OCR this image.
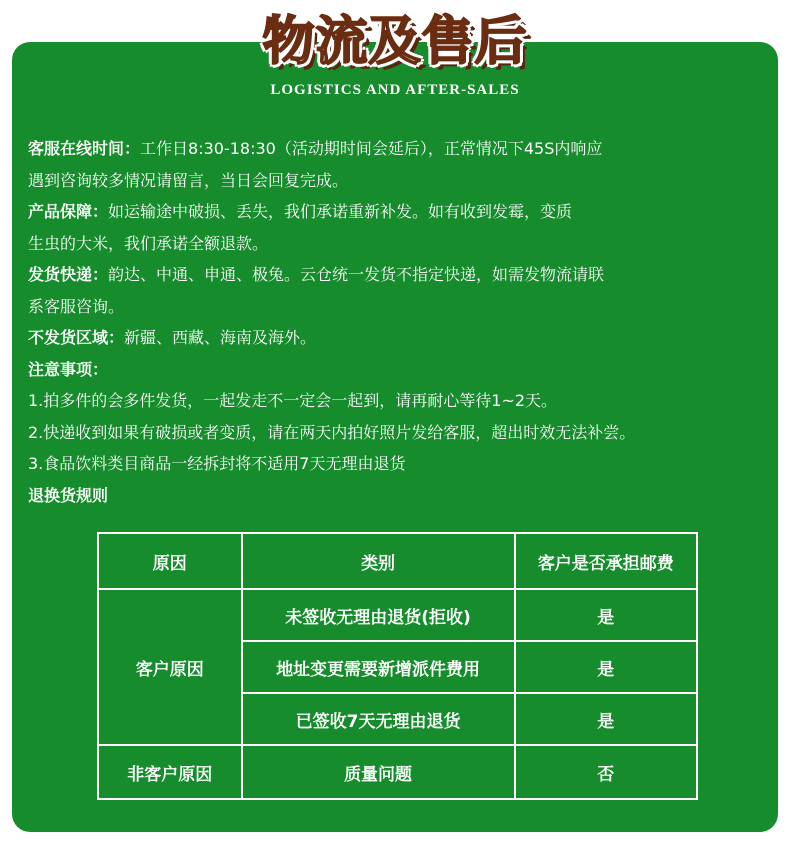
物流及售后
LOGISTICS AND AFTER-SALES

客服在线时间：工作日8:30-18:30（活动期时间会延后），正常情况下45S内响应

遇到咨询较多情况请留言，当日会回复完成。

产品保障：如运输途中破损、丢失，我们承诺重新补发。如有收到发霉，变质

生虫的大米，我们承诺全额退款。

发货快递：韵达、中通、申通、极兔。云仓统一发货不指定快递，如需发物流请联

系客服咨询。

不发货区域：新疆、西藏、海南及海外。

注意事项：

1.拍多件的会多件发货，一起发走不一定会一起到，请再耐心等待1~2天。

2.快递收到如果有破损或者变质，请在两天内拍好照片发给客服，超出时效无法补尝。

3.食品饮料类目商品一经拆封将不适用7天无理由退货

退换货规则

原因	类别	客户是否承担邮费
客户原因	未签收无理由退货(拒收)	是
	地址变更需要新增派件费用	是
	已签收7天无理由退货	是
非客户原因	质量问题	否
